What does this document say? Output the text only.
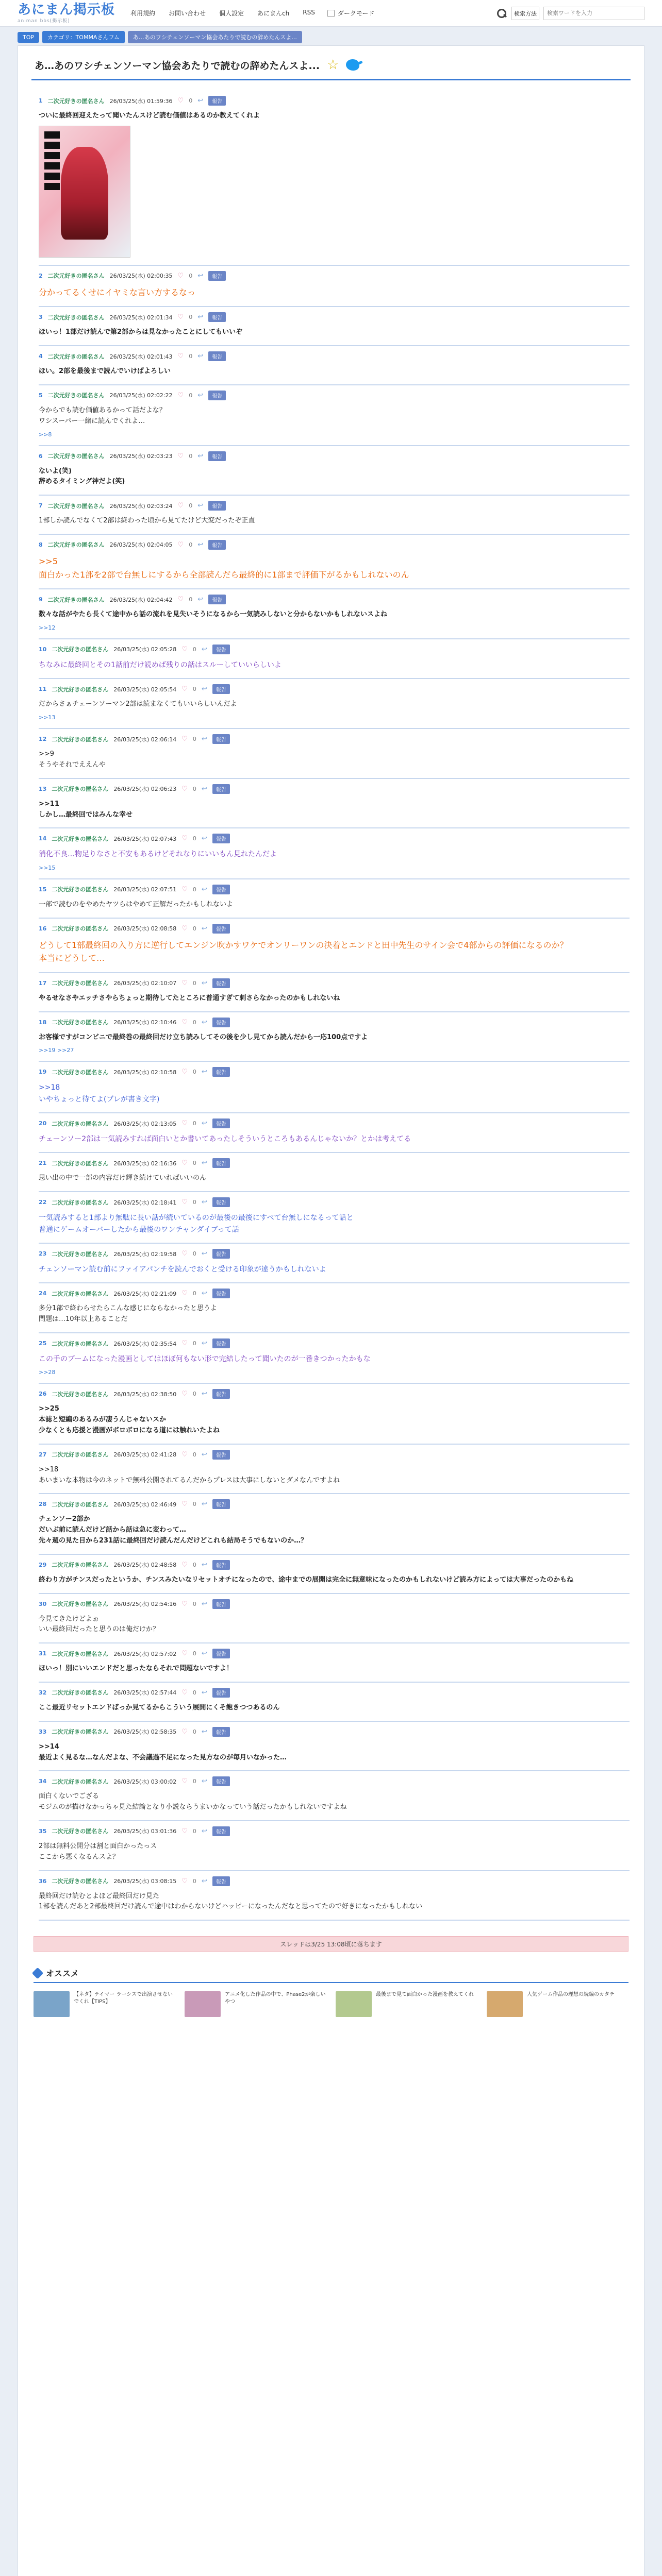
あにまん掲示板
animan bbs(掲示板)
利用規約 お問い合わせ 個人設定 あにまんch RSS	ダークモード	検索方法
検索ワードを入力
TOP	カテゴリ：TOMMAさんフム	あ…あのワシチェンソーマン協会あたりで読むの辞めたんスよ...
あ…あのワシチェンソーマン協会あたりで読むの辞めたんスよ... ☆
1 二次元好きの匿名さん 26/03/25(水) 01:59:36 ♡ 0 ↩	報告
ついに最終回迎えたって聞いたんスけど読む価値はあるのか教えてくれよ
2 二次元好きの匿名さん 26/03/25(水) 02:00:35 ♡ 0 ↩	報告
分かってるくせにイヤミな言い方するなっ
3 二次元好きの匿名さん 26/03/25(水) 02:01:34 ♡ 0 ↩	報告
ほいっ！1部だけ読んで第2部からは見なかったことにしてもいいぞ
4 二次元好きの匿名さん 26/03/25(水) 02:01:43 ♡ 0 ↩	報告
ほい。2部を最後まで読んでいけばよろしい
5 二次元好きの匿名さん 26/03/25(水) 02:02:22 ♡ 0 ↩	報告
今からでも読む価値あるかって話だよな？
ワシスーパー一緒に読んでくれよ…
>>8
6 二次元好きの匿名さん 26/03/25(水) 02:03:23 ♡ 0 ↩	報告
ないよ(笑)
辞めるタイミング神だよ(笑)
7 二次元好きの匿名さん 26/03/25(水) 02:03:24 ♡ 0 ↩	報告
1部しか読んでなくて2部は終わった頃から見てたけど大変だったぞ正直
8 二次元好きの匿名さん 26/03/25(水) 02:04:05 ♡ 0 ↩	報告
>>5
面白かった1部を2部で台無しにするから全部読んだら最終的に1部まで評価下がるかもしれないのん
9 二次元好きの匿名さん 26/03/25(水) 02:04:42 ♡ 0 ↩	報告
数々な話がやたら長くて途中から話の流れを見失いそうになるから一気読みしないと分からないかもしれないスよね
>>12
10 二次元好きの匿名さん 26/03/25(水) 02:05:28 ♡ 0 ↩	報告
ちなみに最終回とその1話前だけ読めば残りの話はスルーしていいらしいよ
11 二次元好きの匿名さん 26/03/25(水) 02:05:54 ♡ 0 ↩	報告
だからさぁチェーンソーマン2部は読まなくてもいいらしいんだよ
>>13
12 二次元好きの匿名さん 26/03/25(水) 02:06:14 ♡ 0 ↩	報告
>>9
そうやそれでええんや
13 二次元好きの匿名さん 26/03/25(水) 02:06:23 ♡ 0 ↩	報告
>>11
しかし…最終回ではみんな幸せ
14 二次元好きの匿名さん 26/03/25(水) 02:07:43 ♡ 0 ↩	報告
消化不良…物足りなさと不安もあるけどそれなりにいいもん見れたんだよ
>>15
15 二次元好きの匿名さん 26/03/25(水) 02:07:51 ♡ 0 ↩	報告
一部で読むのをやめたヤツらはやめて正解だったかもしれないよ
16 二次元好きの匿名さん 26/03/25(水) 02:08:58 ♡ 0 ↩	報告
どうして1部最終回の入り方に逆行してエンジン吹かすワケでオンリーワンの決着とエンドと田中先生のサイン会で4部からの評価になるのか？
本当にどうして…
17 二次元好きの匿名さん 26/03/25(水) 02:10:07 ♡ 0 ↩	報告
やるせなさやエッチさやらちょっと期待してたところに普通すぎて刺さらなかったのかもしれないね
18 二次元好きの匿名さん 26/03/25(水) 02:10:46 ♡ 0 ↩	報告
お客様ですがコンビニで最終巻の最終回だけ立ち読みしてその後を少し見てから読んだから一応100点ですよ
>>19 >>27
19 二次元好きの匿名さん 26/03/25(水) 02:10:58 ♡ 0 ↩	報告
>>18
いやちょっと待てよ(ブレが書き文字)
20 二次元好きの匿名さん 26/03/25(水) 02:13:05 ♡ 0 ↩	報告
チェーンソー2部は一気読みすれば面白いとか書いてあったしそういうところもあるんじゃないか？とかは考えてる
21 二次元好きの匿名さん 26/03/25(水) 02:16:36 ♡ 0 ↩	報告
思い出の中で一部の内容だけ輝き続けていればいいのん
22 二次元好きの匿名さん 26/03/25(水) 02:18:41 ♡ 0 ↩	報告
一気読みすると1部より無駄に長い話が続いているのが最後の最後にすべて台無しになるって話と
普通にゲームオーバーしたから最後のワンチャンダイブって話
23 二次元好きの匿名さん 26/03/25(水) 02:19:58 ♡ 0 ↩	報告
チェンソーマン読む前にファイアパンチを読んでおくと受ける印象が違うかもしれないよ
24 二次元好きの匿名さん 26/03/25(水) 02:21:09 ♡ 0 ↩	報告
多分1部で終わらせたらこんな感じにならなかったと思うよ
問題は…10年以上あることだ
25 二次元好きの匿名さん 26/03/25(水) 02:35:54 ♡ 0 ↩	報告
この手のブームになった漫画としてはほぼ何もない形で完結したって聞いたのが一番きつかったかもな
>>28
26 二次元好きの匿名さん 26/03/25(水) 02:38:50 ♡ 0 ↩	報告
>>25
本誌と短編のあるみが凄うんじゃないスか
少なくとも応援と漫画がボロボロになる道には触れいたよね
27 二次元好きの匿名さん 26/03/25(水) 02:41:28 ♡ 0 ↩	報告
>>18
あいまいな本物は今のネットで無料公開されてるんだからプレスは大事にしないとダメなんですよね
28 二次元好きの匿名さん 26/03/25(水) 02:46:49 ♡ 0 ↩	報告
チェンソー2部か
だいぶ前に読んだけど話から話は急に変わって…
先々週の見た目から231話に最終回だけ読んだんだけどこれも結局そうでもないのか…？
29 二次元好きの匿名さん 26/03/25(水) 02:48:58 ♡ 0 ↩	報告
終わり方がチンスだったというか、チンスみたいなリセットオチになったので、途中までの展開は完全に無意味になったのかもしれないけど読み方によっては大事だったのかもね
30 二次元好きの匿名さん 26/03/25(水) 02:54:16 ♡ 0 ↩	報告
今見てきたけどよぉ
いい最終回だったと思うのは俺だけか？
31 二次元好きの匿名さん 26/03/25(水) 02:57:02 ♡ 0 ↩	報告
ほいっ！別にいいエンドだと思ったならそれで問題ないですよ！
32 二次元好きの匿名さん 26/03/25(水) 02:57:44 ♡ 0 ↩	報告
ここ最近リセットエンドばっか見てるからこういう展開にくそ飽きつつあるのん
33 二次元好きの匿名さん 26/03/25(水) 02:58:35 ♡ 0 ↩	報告
>>14
最近よく見るな…なんだよな、不会議過不足になった見方なのが毎月いなかった…
34 二次元好きの匿名さん 26/03/25(水) 03:00:02 ♡ 0 ↩	報告
面白くないでござる
モジムのが描けなかっちゃ見た結論となり小説ならうまいかなっていう話だったかもしれないですよね
35 二次元好きの匿名さん 26/03/25(水) 03:01:36 ♡ 0 ↩	報告
2部は無料公開分は割と面白かったっス
ここから悪くなるんスよ？
36 二次元好きの匿名さん 26/03/25(水) 03:08:15 ♡ 0 ↩	報告
最終回だけ読むとよほど最終回だけ見た
1部を読んだあと2部最終回だけ読んで途中はわからないけどハッピーになったんだなと思ってたので好きになったかもしれない
スレッドは3/25 13:08頃に落ちます
オススメ
【ネタ】テイマー ラーシスで出演させないでくれ【TIPS】
アニメ化した作品の中で、Phase2が楽しいやつ
最後まで見て面白かった漫画を教えてくれ	人気ゲーム作品の理想の続編のカタチ
